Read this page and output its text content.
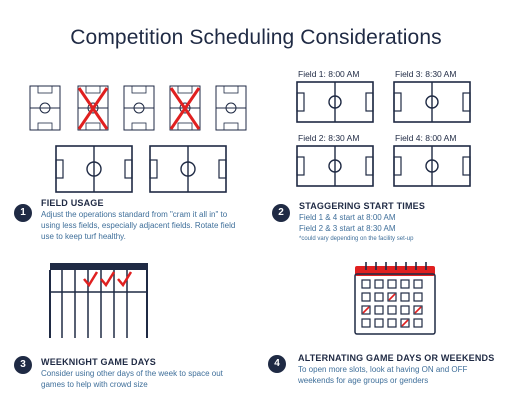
Competition Scheduling Considerations
Field 1: 8:00 AM	Field 3: 8:30 AM
Field 2: 8:30 AM	Field 4: 8:00 AM
1
FIELD USAGE
Adjust the operations standard from "cram it all in" to using less fields, especially adjacent fields. Rotate field use to keep turf healthy.
2
STAGGERING START TIMES
Field 1 & 4 start at 8:00 AM
Field 2 & 3 start at 8:30 AM
*could vary depending on the facility set-up
3	WEEKNIGHT GAME DAYS
Consider using other days of the week to space out games to help with crowd size
4	ALTERNATING GAME DAYS OR WEEKENDS
To open more slots, look at having ON and OFF weekends for age groups or genders
